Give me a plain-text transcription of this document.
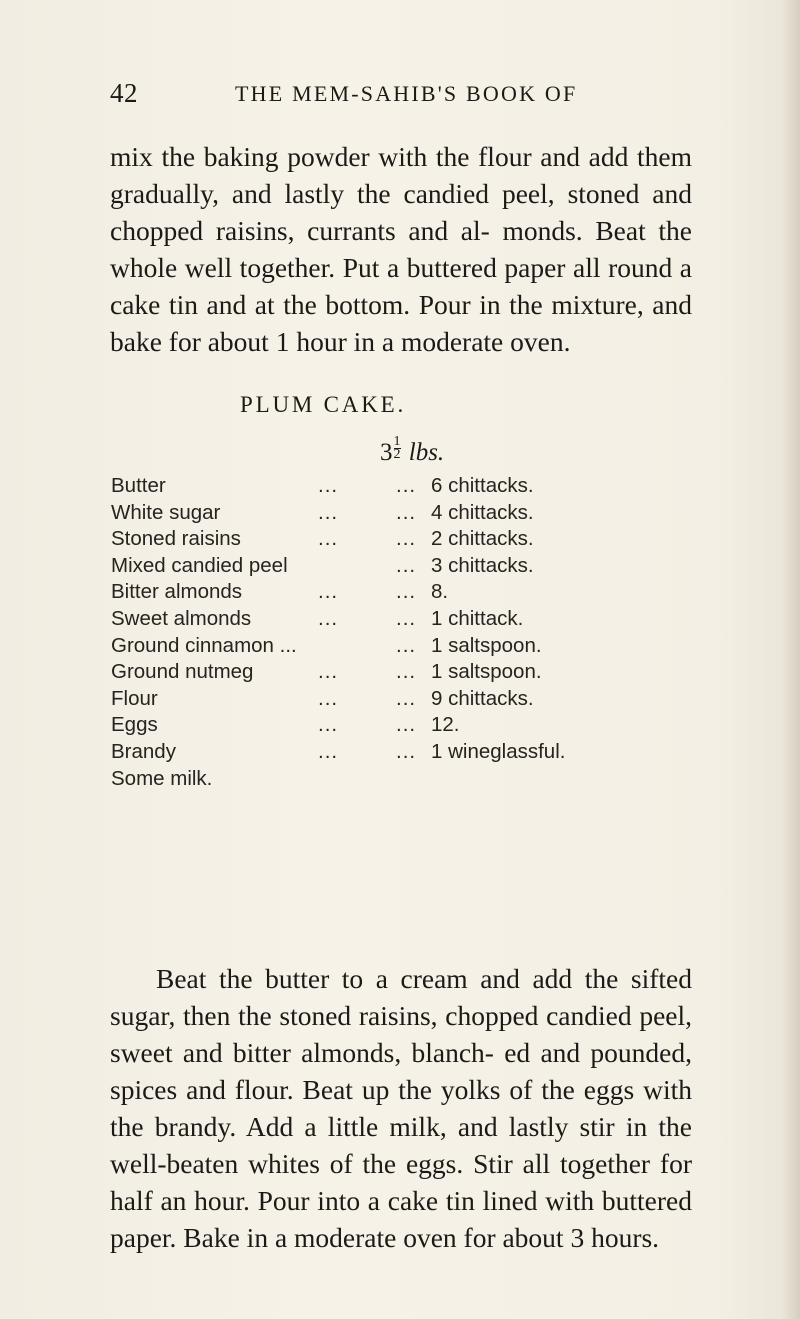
42	THE MEM-SAHIB'S BOOK OF

mix the baking powder with the flour and add them gradually, and lastly the candied peel, stoned and chopped raisins, currants and al- monds. Beat the whole well together. Put a buttered paper all round a cake tin and at the bottom. Pour in the mixture, and bake for about 1 hour in a moderate oven.

PLUM CAKE.
$3 \frac{1}{2}$ lbs.
Butter	...	... 6 chittacks.
White sugar	...	... 4 chittacks.
Stoned raisins	...	... 2 chittacks.
Mixed candied peel	... 3 chittacks.
Bitter almonds	...	... 8.
Sweet almonds	...	... 1 chittack.
Ground cinnamon ...	... 1 saltspoon.
Ground nutmeg	...	... 1 saltspoon.
Flour	...	... 9 chittacks.
Eggs	...	... 12.
Brandy	...	... 1 wineglassful.
Some milk.

Beat the butter to a cream and add the sifted sugar, then the stoned raisins, chopped candied peel, sweet and bitter almonds, blanch- ed and pounded, spices and flour. Beat up the yolks of the eggs with the brandy. Add a little milk, and lastly stir in the well-beaten whites of the eggs. Stir all together for half an hour. Pour into a cake tin lined with buttered paper. Bake in a moderate oven for about 3 hours.
